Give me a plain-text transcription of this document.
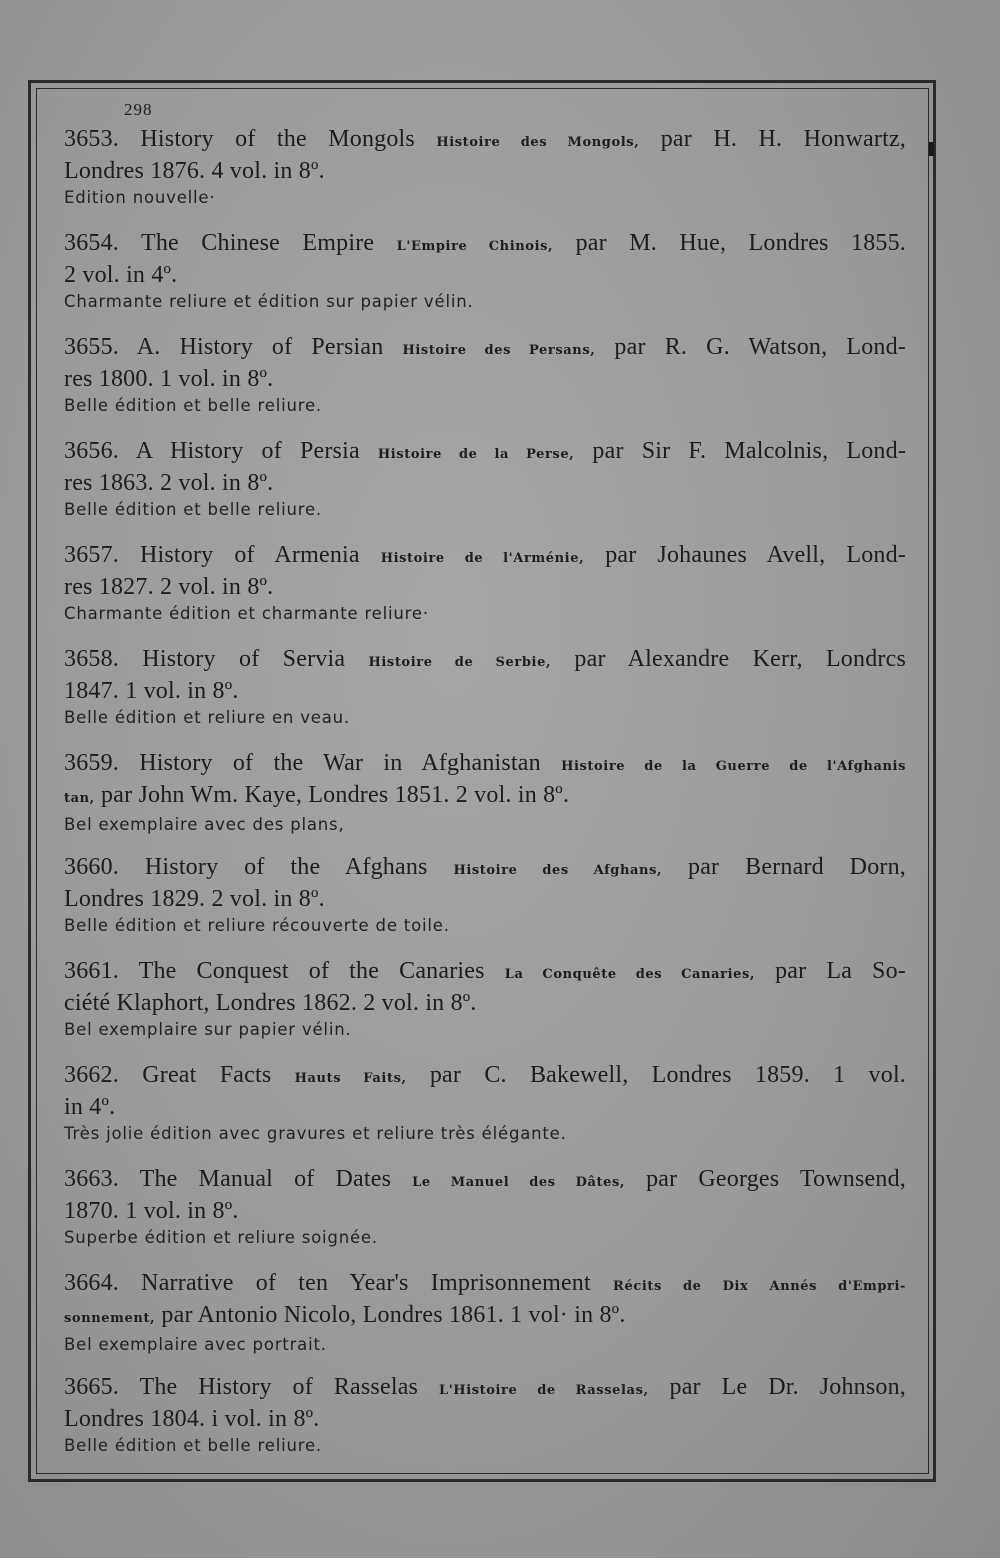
298
3653. History of the Mongols Histoire des Mongols, par H. H. Honwartz,
Londres 1876. 4 vol. in 8º.
Edition nouvelle·
3654. The Chinese Empire L'Empire Chinois, par M. Hue, Londres 1855.
2 vol. in 4º.
Charmante reliure et édition sur papier vélin.
3655. A. History of Persian Histoire des Persans, par R. G. Watson, Lond-
res 1800. 1 vol. in 8º.
Belle édition et belle reliure.
3656. A History of Persia Histoire de la Perse, par Sir F. Malcolnis, Lond-
res 1863. 2 vol. in 8º.
Belle édition et belle reliure.
3657. History of Armenia Histoire de l'Arménie, par Johaunes Avell, Lond-
res 1827. 2 vol. in 8º.
Charmante édition et charmante reliure·
3658. History of Servia Histoire de Serbie, par Alexandre Kerr, Londrcs
1847. 1 vol. in 8º.
Belle édition et reliure en veau.
3659. History of the War in Afghanistan Histoire de la Guerre de l'Afghanis
tan, par John Wm. Kaye, Londres 1851. 2 vol. in 8º.
Bel exemplaire avec des plans,
3660. History of the Afghans Histoire des Afghans, par Bernard Dorn,
Londres 1829. 2 vol. in 8º.
Belle édition et reliure récouverte de toile.
3661. The Conquest of the Canaries La Conquête des Canaries, par La So-
ciété Klaphort, Londres 1862. 2 vol. in 8º.
Bel exemplaire sur papier vélin.
3662. Great Facts Hauts Faits, par C. Bakewell, Londres 1859. 1 vol.
in 4º.
Très jolie édition avec gravures et reliure très élégante.
3663. The Manual of Dates Le Manuel des Dâtes, par Georges Townsend,
1870. 1 vol. in 8º.
Superbe édition et reliure soignée.
3664. Narrative of ten Year's Imprisonnement Récits de Dix Annés d'Empri-
sonnement, par Antonio Nicolo, Londres 1861. 1 vol· in 8º.
Bel exemplaire avec portrait.
3665. The History of Rasselas L'Histoire de Rasselas, par Le Dr. Johnson,
Londres 1804. i vol. in 8º.
Belle édition et belle reliure.
